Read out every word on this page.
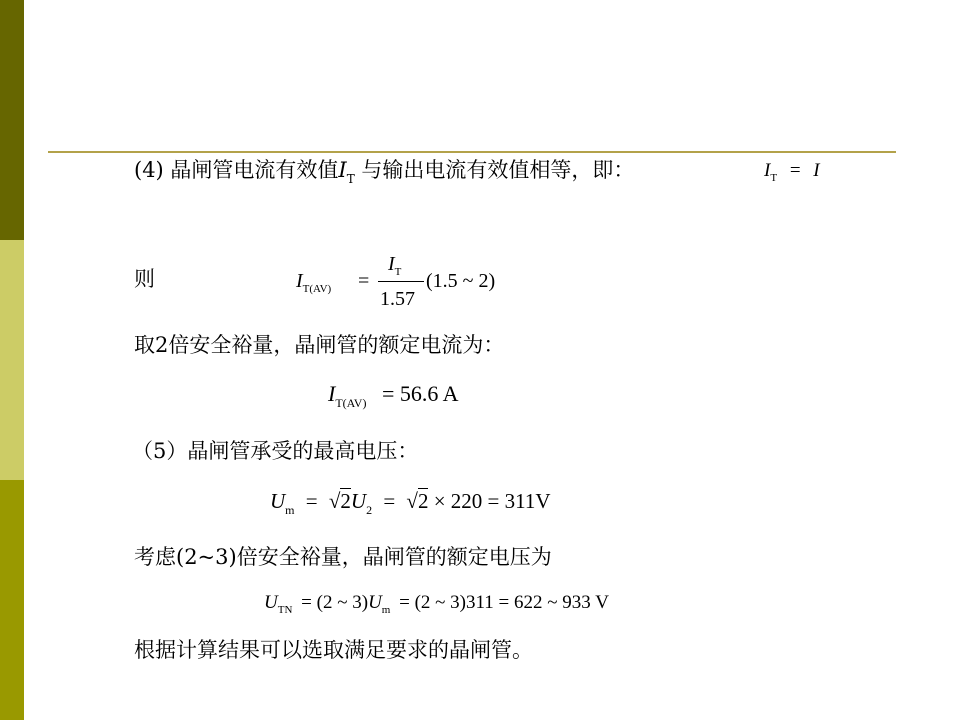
(4) 晶闸管电流有效值$I_T$ 与输出电流有效值相等，即：	$I_T = I$
则	$I_{T(AV)}$ =
$I_T$
1.57
(1.5 ~ 2)
取2倍安全裕量，晶闸管的额定电流为：
$I_{T(AV)} = 56.6$ A
（5）晶闸管承受的最高电压：
$U_m = √2U_2 = √2 \times 220 = 311V$
考虑(2~3)倍安全裕量，晶闸管的额定电压为
$U_{TN} = (2$ ~ $3)U_m = (2$ ~ 3)311 = 622 ~ 933 V
根据计算结果可以选取满足要求的晶闸管。
